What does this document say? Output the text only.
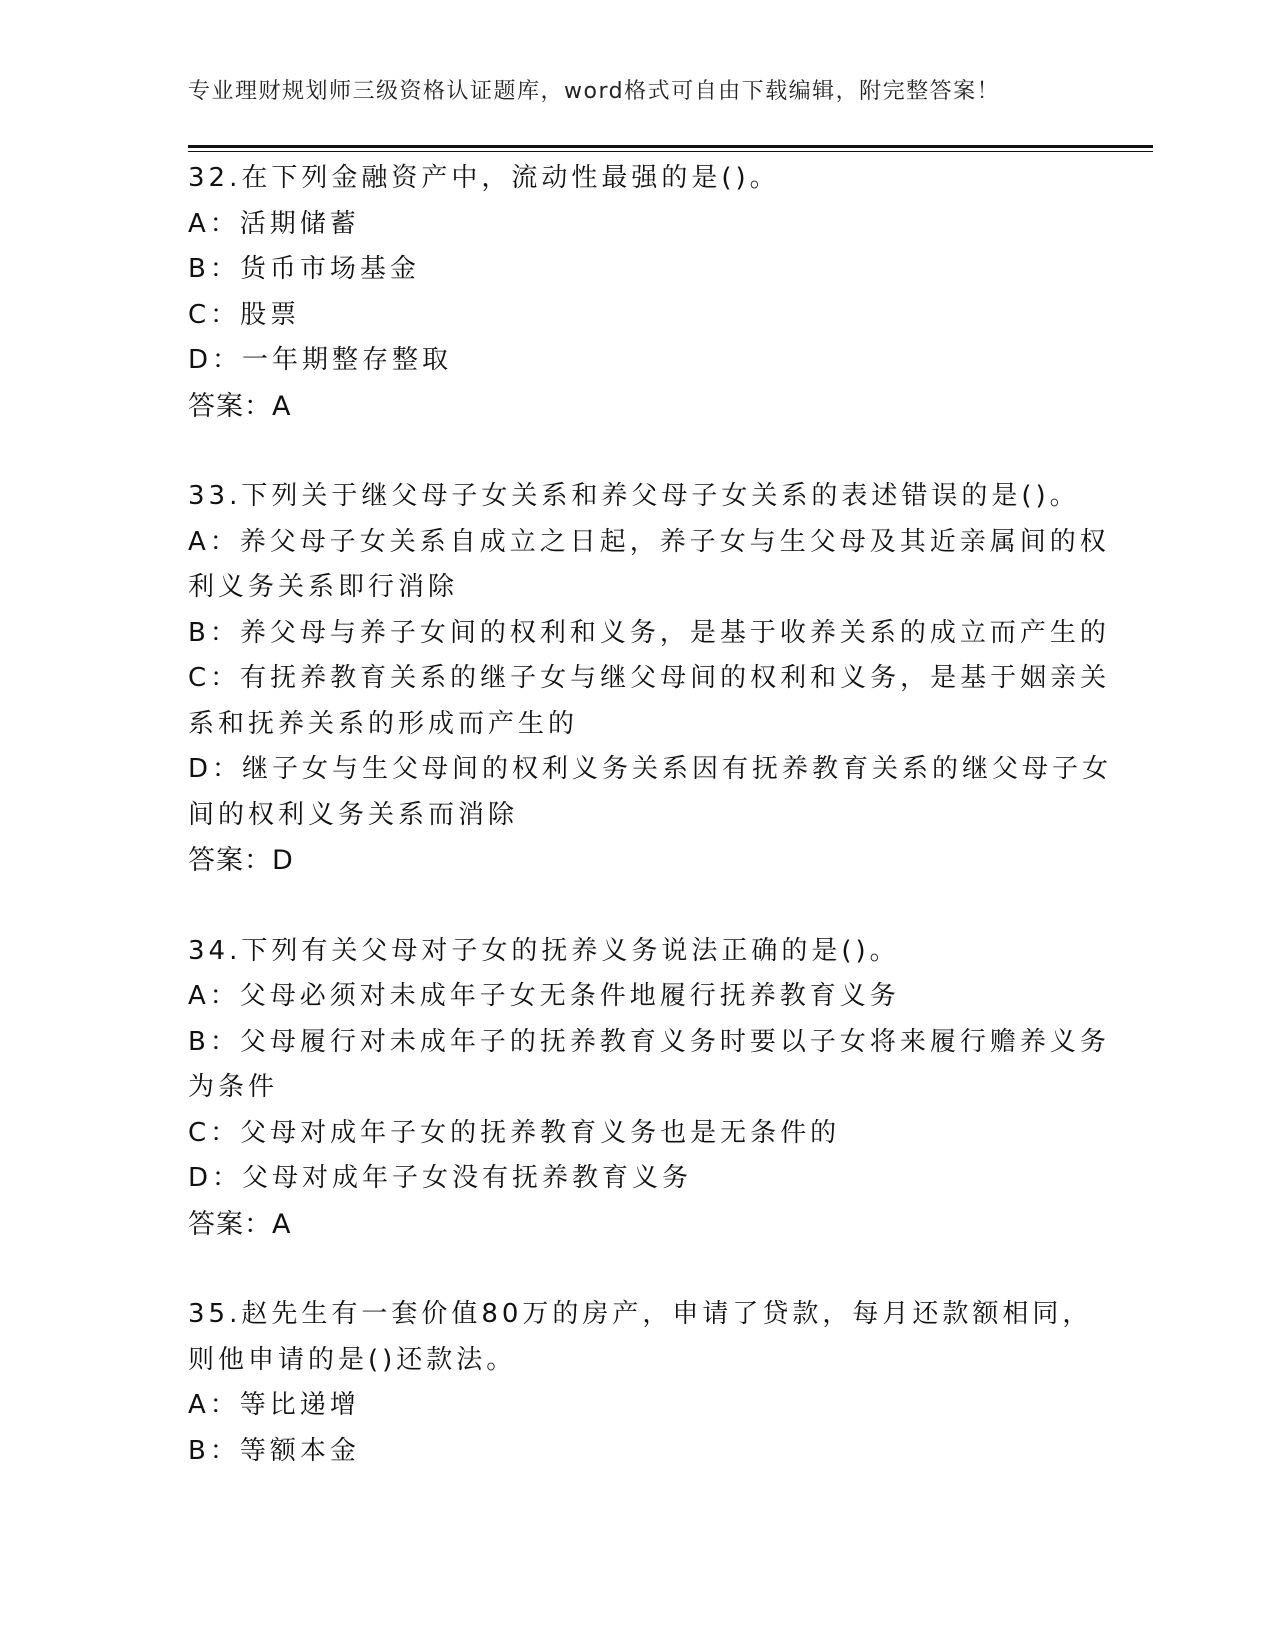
专业理财规划师三级资格认证题库，word格式可自由下载编辑，附完整答案！
32.在下列金融资产中，流动性最强的是()。
A：活期储蓄
B：货币市场基金
C：股票
D：一年期整存整取
答案：A
33.下列关于继父母子女关系和养父母子女关系的表述错误的是()。
A：养父母子女关系自成立之日起，养子女与生父母及其近亲属间的权
利义务关系即行消除
B：养父母与养子女间的权利和义务，是基于收养关系的成立而产生的
C：有抚养教育关系的继子女与继父母间的权利和义务，是基于姻亲关
系和抚养关系的形成而产生的
D：继子女与生父母间的权利义务关系因有抚养教育关系的继父母子女
间的权利义务关系而消除
答案：D
34.下列有关父母对子女的抚养义务说法正确的是()。
A：父母必须对未成年子女无条件地履行抚养教育义务
B：父母履行对未成年子的抚养教育义务时要以子女将来履行赡养义务
为条件
C：父母对成年子女的抚养教育义务也是无条件的
D：父母对成年子女没有抚养教育义务
答案：A
35.赵先生有一套价值80万的房产，申请了贷款，每月还款额相同，
则他申请的是()还款法。
A：等比递增
B：等额本金
